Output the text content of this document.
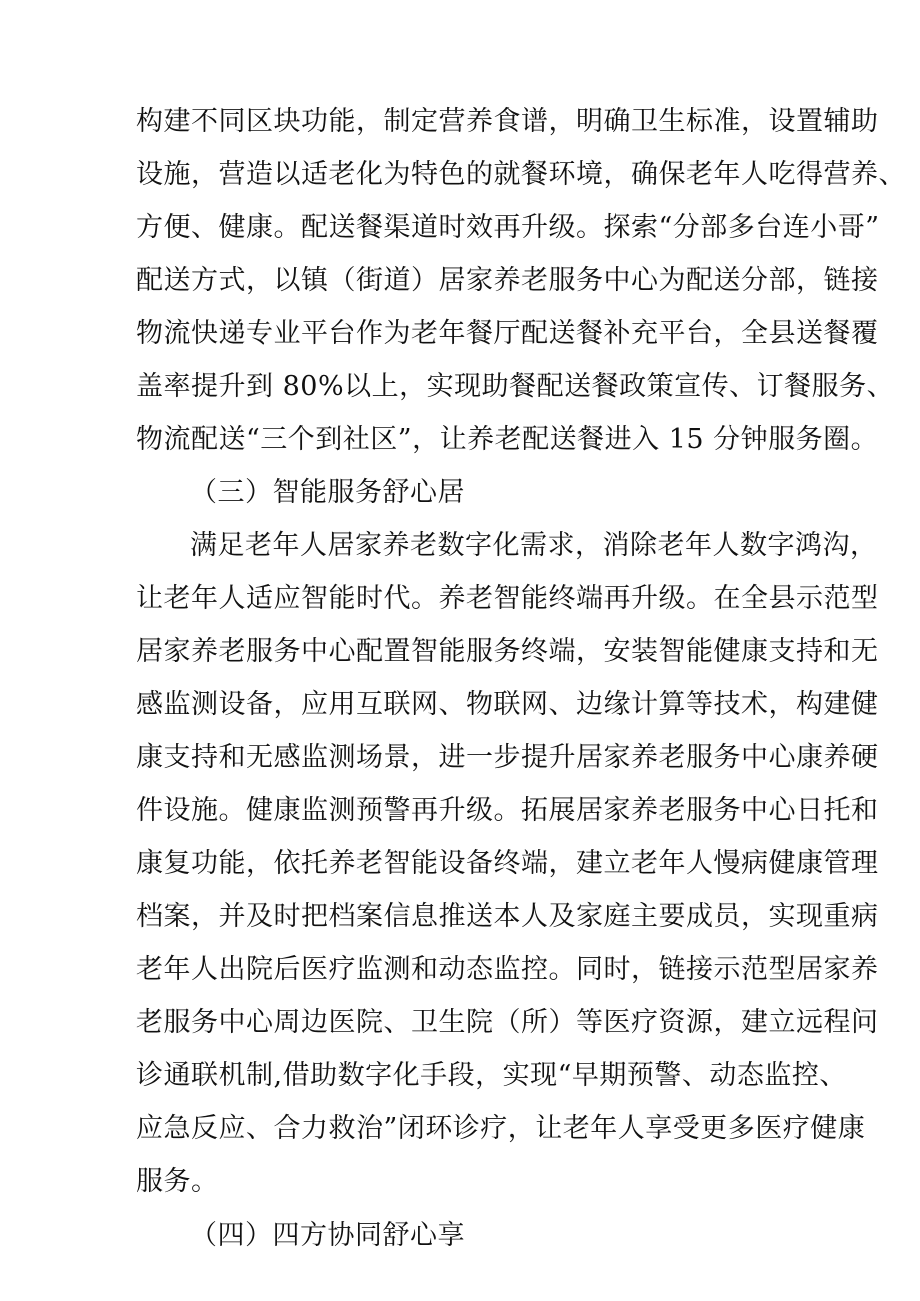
构建不同区块功能，制定营养食谱，明确卫生标准，设置辅助
设施，营造以适老化为特色的就餐环境，确保老年人吃得营养、
方便、健康。配送餐渠道时效再升级。探索“分部多台连小哥”
配送方式，以镇（街道）居家养老服务中心为配送分部，链接
物流快递专业平台作为老年餐厅配送餐补充平台，全县送餐覆
盖率提升到 80%以上，实现助餐配送餐政策宣传、订餐服务、
物流配送“三个到社区”，让养老配送餐进入 15 分钟服务圈。
（三）智能服务舒心居
满足老年人居家养老数字化需求，消除老年人数字鸿沟，
让老年人适应智能时代。养老智能终端再升级。在全县示范型
居家养老服务中心配置智能服务终端，安装智能健康支持和无
感监测设备，应用互联网、物联网、边缘计算等技术，构建健
康支持和无感监测场景，进一步提升居家养老服务中心康养硬
件设施。健康监测预警再升级。拓展居家养老服务中心日托和
康复功能，依托养老智能设备终端，建立老年人慢病健康管理
档案，并及时把档案信息推送本人及家庭主要成员，实现重病
老年人出院后医疗监测和动态监控。同时，链接示范型居家养
老服务中心周边医院、卫生院（所）等医疗资源，建立远程问
诊通联机制,借助数字化手段，实现“早期预警、动态监控、
应急反应、合力救治”闭环诊疗，让老年人享受更多医疗健康
服务。
（四）四方协同舒心享
